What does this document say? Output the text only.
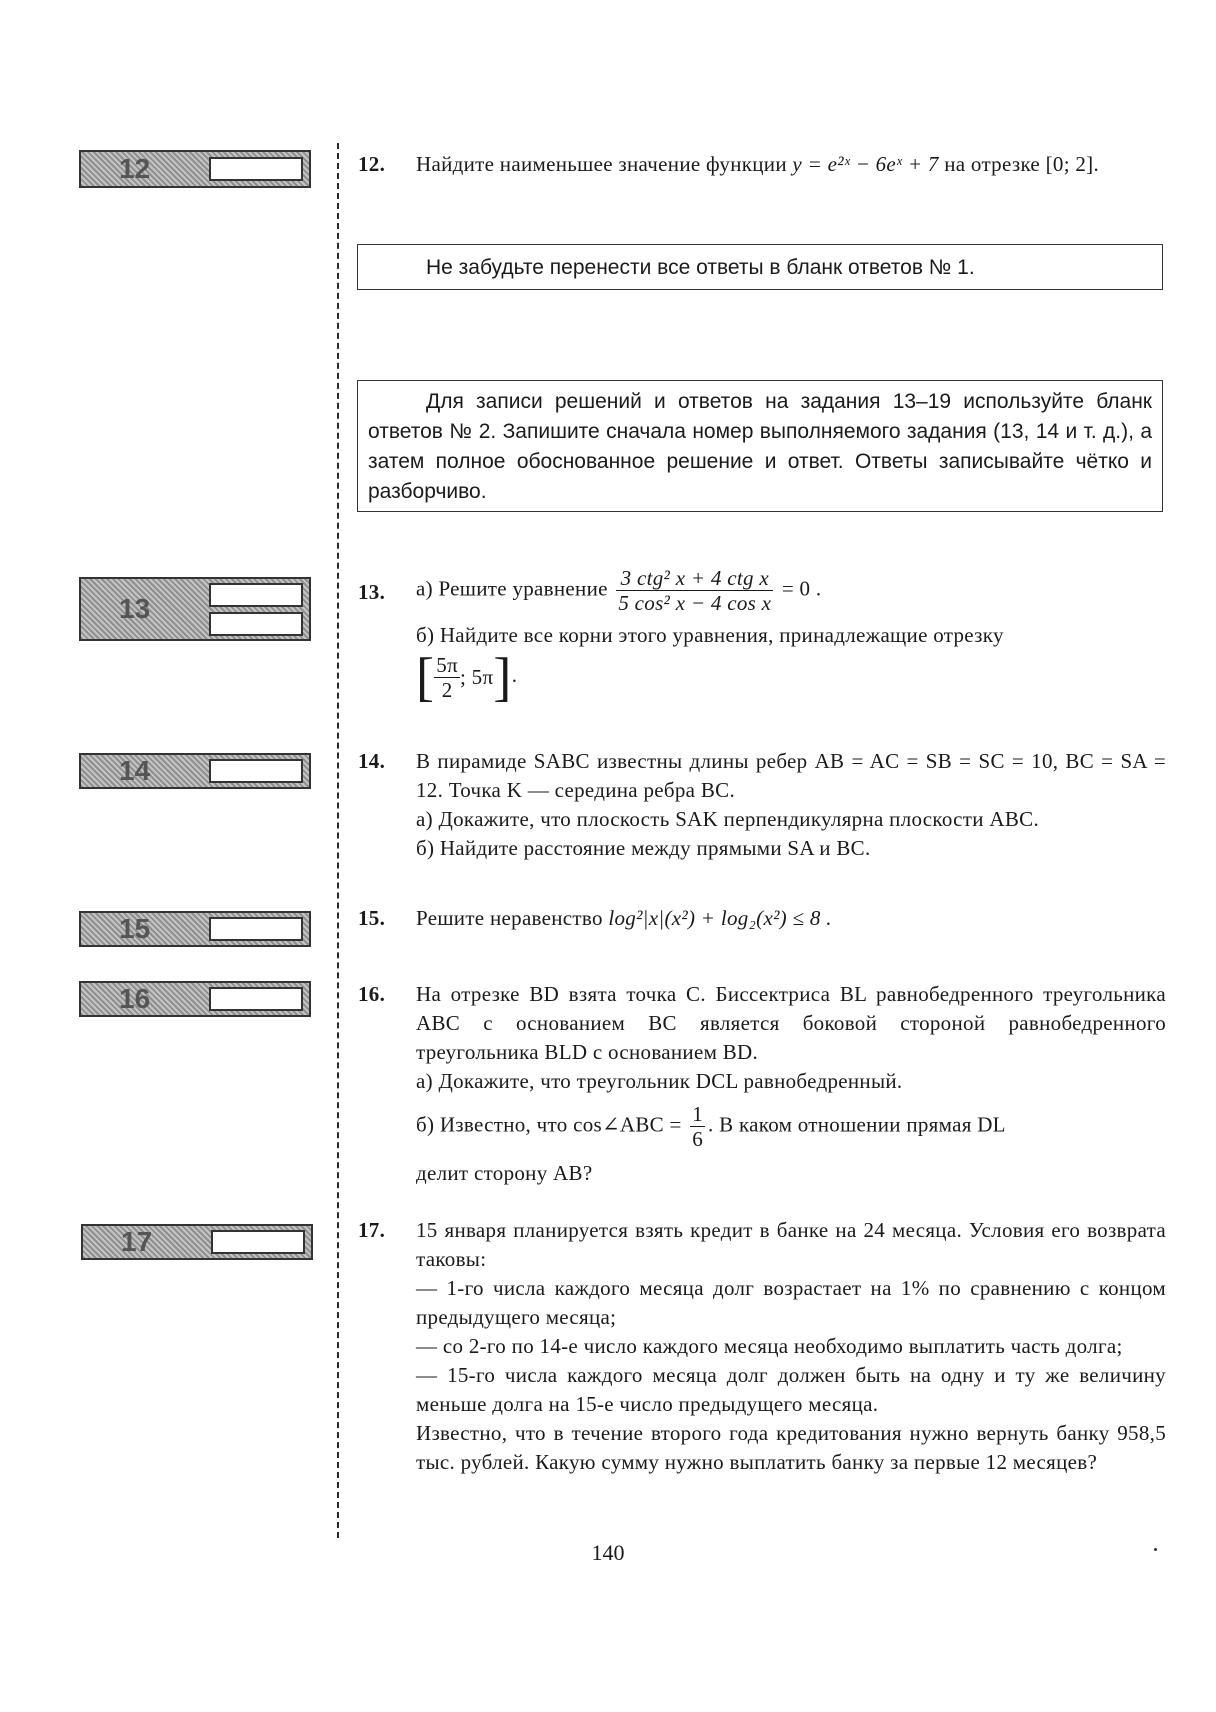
12
13
14
15
16
17
12. Найдите наименьшее значение функции y = e²ˣ − 6eˣ + 7 на отрезке [0; 2].

Не забудьте перенести все ответы в бланк ответов № 1.
Для записи решений и ответов на задания 13–19 используйте бланк ответов № 2. Запишите сначала номер выполняемого задания (13, 14 и т. д.), а затем полное обоснованное решение и ответ. Ответы записывайте чётко и разборчиво.
13. а) Решите уравнение $\frac{\text{3 ctg² x + 4 ctg x}}{\text{5 cos² x − 4 cos x}} = 0$ .

б) Найдите все корни этого уравнения, принадлежащие отрезку

[ $\frac{5\pi}{2}$ ; 5π ] .

14. В пирамиде SABC известны длины ребер AB = AC = SB = SC = 10, BC = SA = 12. Точка K — середина ребра BC.

а) Докажите, что плоскость SAK перпендикулярна плоскости ABC.

б) Найдите расстояние между прямыми SA и BC.

15. Решите неравенство log²|x|(x²) + log₂(x²) ≤ 8 .

16. На отрезке BD взята точка C. Биссектриса BL равнобедренного треугольника ABC с основанием BC является боковой стороной равнобедренного треугольника BLD с основанием BD.

а) Докажите, что треугольник DCL равнобедренный.

б) Известно, что cos∠ABC = $\frac{1}{6}$ . В каком отношении прямая DL

делит сторону AB?

17. 15 января планируется взять кредит в банке на 24 месяца. Условия его возврата таковы:

— 1-го числа каждого месяца долг возрастает на 1% по сравнению с концом предыдущего месяца;

— со 2-го по 14-е число каждого месяца необходимо выплатить часть долга;

— 15-го числа каждого месяца долг должен быть на одну и ту же величину меньше долга на 15-е число предыдущего месяца.

Известно, что в течение второго года кредитования нужно вернуть банку 958,5 тыс. рублей. Какую сумму нужно выплатить банку за первые 12 месяцев?

140
